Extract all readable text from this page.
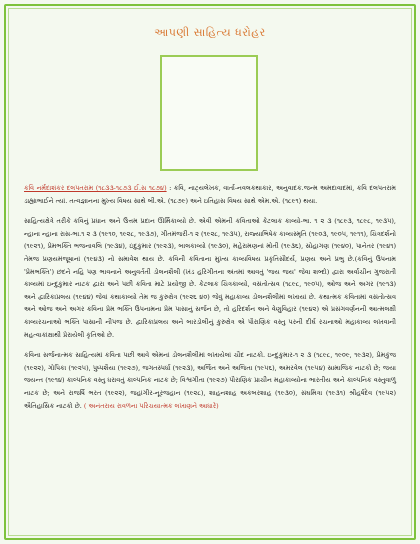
આપણી સાહિત્ય ધરોહર

કવિ નર્મદાશંકર દલપતરામ (૧૮૩૩-૧૮૭૩ ઈ.સ ૧૮૭૪) : કવિ, નાટ્યલેખક, વાર્તા-નવલકથાકાર, અનુવાદક.જન્મ અમદાવાદમાં, કવિ દલપતરામ ડાહ્યાભાઈને ત્યાં. તત્વજ્ઞાનના મુખ્ય વિષય સાથે બી.એ. (૧૮૭૯) અને ઇતિહાસ વિષય સાથે એમ.એ. (૧૮૯૧) થયા.

સાહિત્યક્ષેત્રે તરીકે કવિનું પ્રધાન અને ઉત્તમ પ્રદાન ઊર્મિકાવ્યો છે. એવી એમની કવિતાઓ કેટલાક કાવ્યો-ભા. ૧ ૨ ૩ (૧૮૯૩, ૧૮૯૮, ૧૯૩૫), ન્હાના ન્હાના રાસ-ભા.૧ ૨ ૩ (૧૯૧૦, ૧૯૨૮, ૧૯૩૭), ગીતમંજરી-૧ ૨ (૧૯૨૮, ૧૯૩૫), રાજ્યાભિષેક કાવ્યસ્મૃતિ (૧૯૦૩, ૧૯૦૫, ૧૯૧૧), ચિત્રદર્શનો (૧૯૨૧), પ્રેમભક્તિ ભજનાવલિ (૧૯૩૪), ઇંદુકુમાર (૧૯૨૩), બાલકાવ્યો (૧૯૩૦), મહેરામણનાં મોતી (૧૯૩૬), સોહાગણ (૧૯૪૦), પાનેતર (૧૯૪૧) તેમજ પ્રણયમંજૂષાનાં (૧૯૪૩) નો સમાવેશ થાય છે. કવિની કવિતાના મુખ્ય કાવ્યવિષય પ્રકૃતિસૌંદર્ય, પ્રણય અને પ્રભુ છે.(કવિનું ઉપનામ 'પ્રેમભક્તિ') છંદને નહિ પણ ભાવનાને અનુવર્તતી ડોલનશૈલી (ખંડ હરિગીતના અંતમાં આવતું 'જય જય' જેવા શબ્દો) દ્વારા અર્વાચીન ગુજરાતી કાવ્યમાં ઇન્દુકુમાર નાટક દ્વારા અને પછી કવિતા માટે પ્રયોજી છે. કેટલાક ચિત્રકાવ્યો, વસંતોત્સવ (૧૮૯૮, ૧૯૦૫), ઓજ અને અગર (૧૯૧૩) અને દ્વારિકાપ્રલય (૧૯૪૪) જેવાં કથાકાવ્યો તેમ જ કુરુક્ષેત્ર (૧૯૨૬ ૪૦) જેવું મહાકાવ્ય ડોલનશૈલીમાં લખાયાં છે. કથાત્મક કવિતામાં વસંતોત્સવ અને ઓજ અને અગર કવિના પ્રેમ ભક્તિ ઉપનામના પ્રેમ પાસાનું સર્જન છે, તો હરિદર્શન અને વેણુવિહાર (૧૯૪૨) એ પ્રસંગવર્ણનની આત્મલક્ષી કાવ્યરચનાઓ ભક્તિ પાસાની નીપજ છે. દ્વારિકાપ્રલય અને બારડોલીનું કુરુક્ષેત્ર એ પૌરાણિક વસ્તુ પરની દીર્ઘ રચનાઓ મહાકાવ્ય લખવાની મહત્વાકાંક્ષાથી પ્રેરાયેલી કૃતિઓ છે.

કવિના સર્જનાત્મક સાહિત્યમાં કવિતા પછી આવે એમનાં ડોલનશૈલીમાં લખાયેલાં ચૌદ નાટકો. ઇન્દુકુમાર-૧ ૨ ૩ (૧૮૯૮, ૧૯૦૯, ૧૯૩૨), પ્રેમકુંજ (૧૯૨૨), ગોપિકા (૧૯૨૫), પુષ્પશૈયા (૧૯૨૭), જગતસ્પર્ધા (૧૯૨૩), અર્જિત અને અજિતા (૧૯૫૬), અમરવેલ (૧૯૫૪) સામાજિક નાટકો છે; જયા જયન્ત (૧૯૧૪) કાલ્પનિક વસ્તુ ધરાવતું કાલ્પનિક નાટક છે; વિશ્વગીતા (૧૯૨૭) પૌરાણિક પ્રાચીન મહાકાવ્યોના ભારતીય અને કાલ્પનિક વસ્તુવાળું નાટક છે; અને રાજર્ષિ ભરત (૧૯૨૨), જહાંગીર-નૂરજહાન (૧૯૨૮), શાહનશાહ અકબરશાહ (૧૯૩૦), સંઘમિત્રા (૧૯૩૧) શ્રીહર્ષદેવ (૧૯૫૨) ઐતિહાસિક નાટકો છે. ( અનંતરાય રાવળના પરિચયાત્મક લખાણને આધારે)
